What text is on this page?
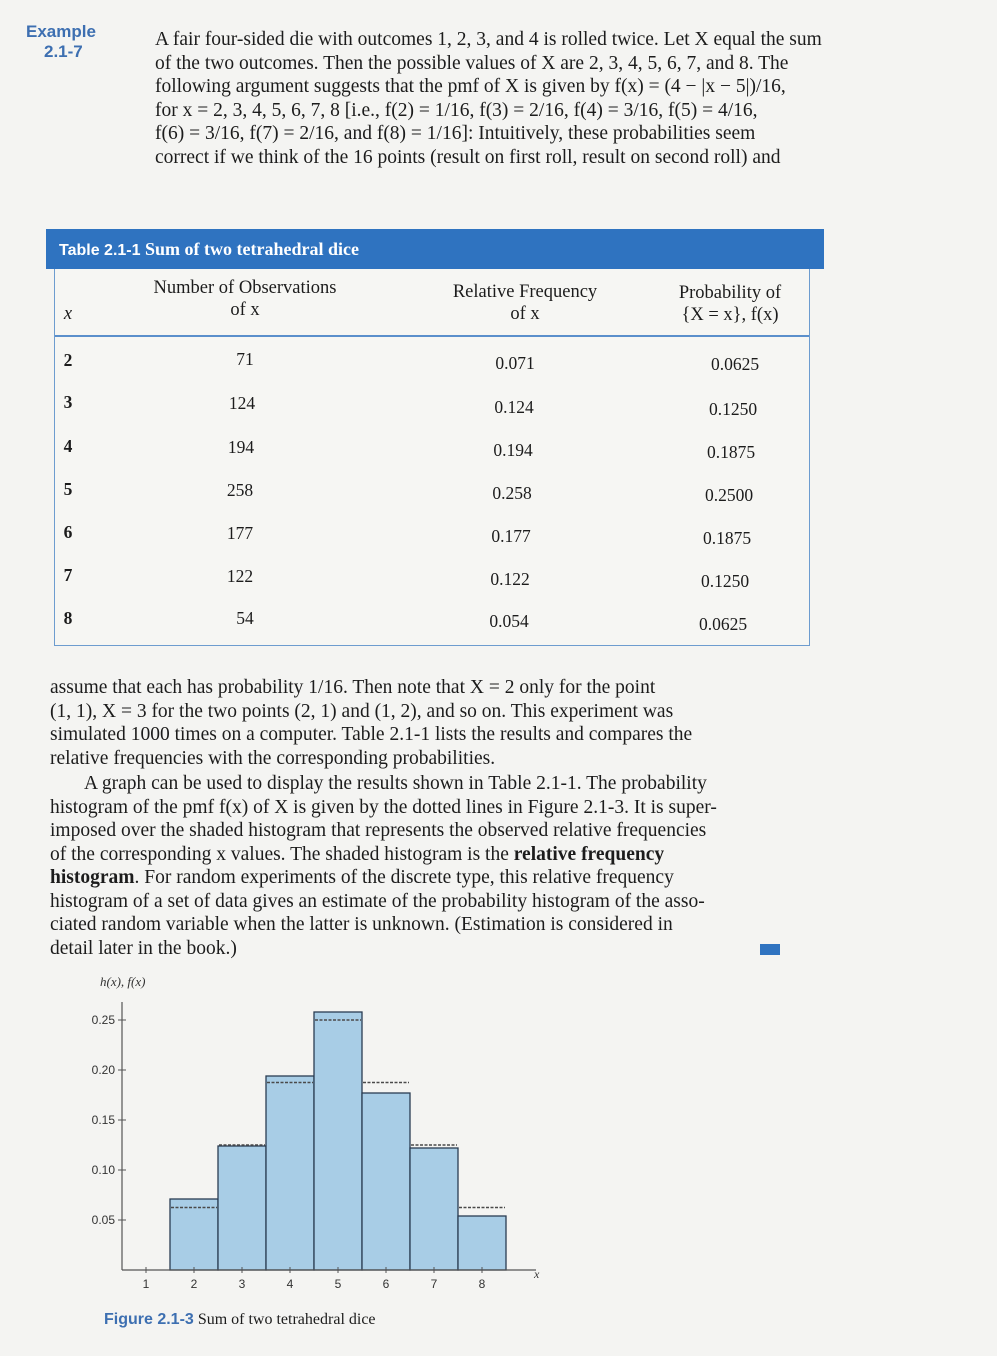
Example
2.1-7
A fair four-sided die with outcomes 1, 2, 3, and 4 is rolled twice. Let X equal the sum
of the two outcomes. Then the possible values of X are 2, 3, 4, 5, 6, 7, and 8. The
following argument suggests that the pmf of X is given by f(x) = (4 − |x − 5|)/16,
for x = 2, 3, 4, 5, 6, 7, 8 [i.e., f(2) = 1/16, f(3) = 2/16, f(4) = 3/16, f(5) = 4/16,
f(6) = 3/16, f(7) = 2/16, and f(8) = 1/16]: Intuitively, these probabilities seem
correct if we think of the 16 points (result on first roll, result on second roll) and
Table 2.1-1 Sum of two tetrahedral dice
x
Number of Observations
of x
Relative Frequency
of x
Probability of
{X = x}, f(x)
2	71	0.071	0.0625
3	124	0.124	0.1250
4	194	0.194	0.1875
5	258	0.258	0.2500
6	177	0.177	0.1875
7	122	0.122	0.1250
8	54	0.054	0.0625
assume that each has probability 1/16. Then note that X = 2 only for the point
(1, 1), X = 3 for the two points (2, 1) and (1, 2), and so on. This experiment was
simulated 1000 times on a computer. Table 2.1-1 lists the results and compares the
relative frequencies with the corresponding probabilities.
A graph can be used to display the results shown in Table 2.1-1. The probability
histogram of the pmf f(x) of X is given by the dotted lines in Figure 2.1-3. It is super-
imposed over the shaded histogram that represents the observed relative frequencies
of the corresponding x values. The shaded histogram is the relative frequency
histogram. For random experiments of the discrete type, this relative frequency
histogram of a set of data gives an estimate of the probability histogram of the asso-
ciated random variable when the latter is unknown. (Estimation is considered in
detail later in the book.)
0.05
0.10
0.15
0.20
0.25
1	2	3	4	5	6	7	8
h(x), f(x)
x
Figure 2.1-3 Sum of two tetrahedral dice
